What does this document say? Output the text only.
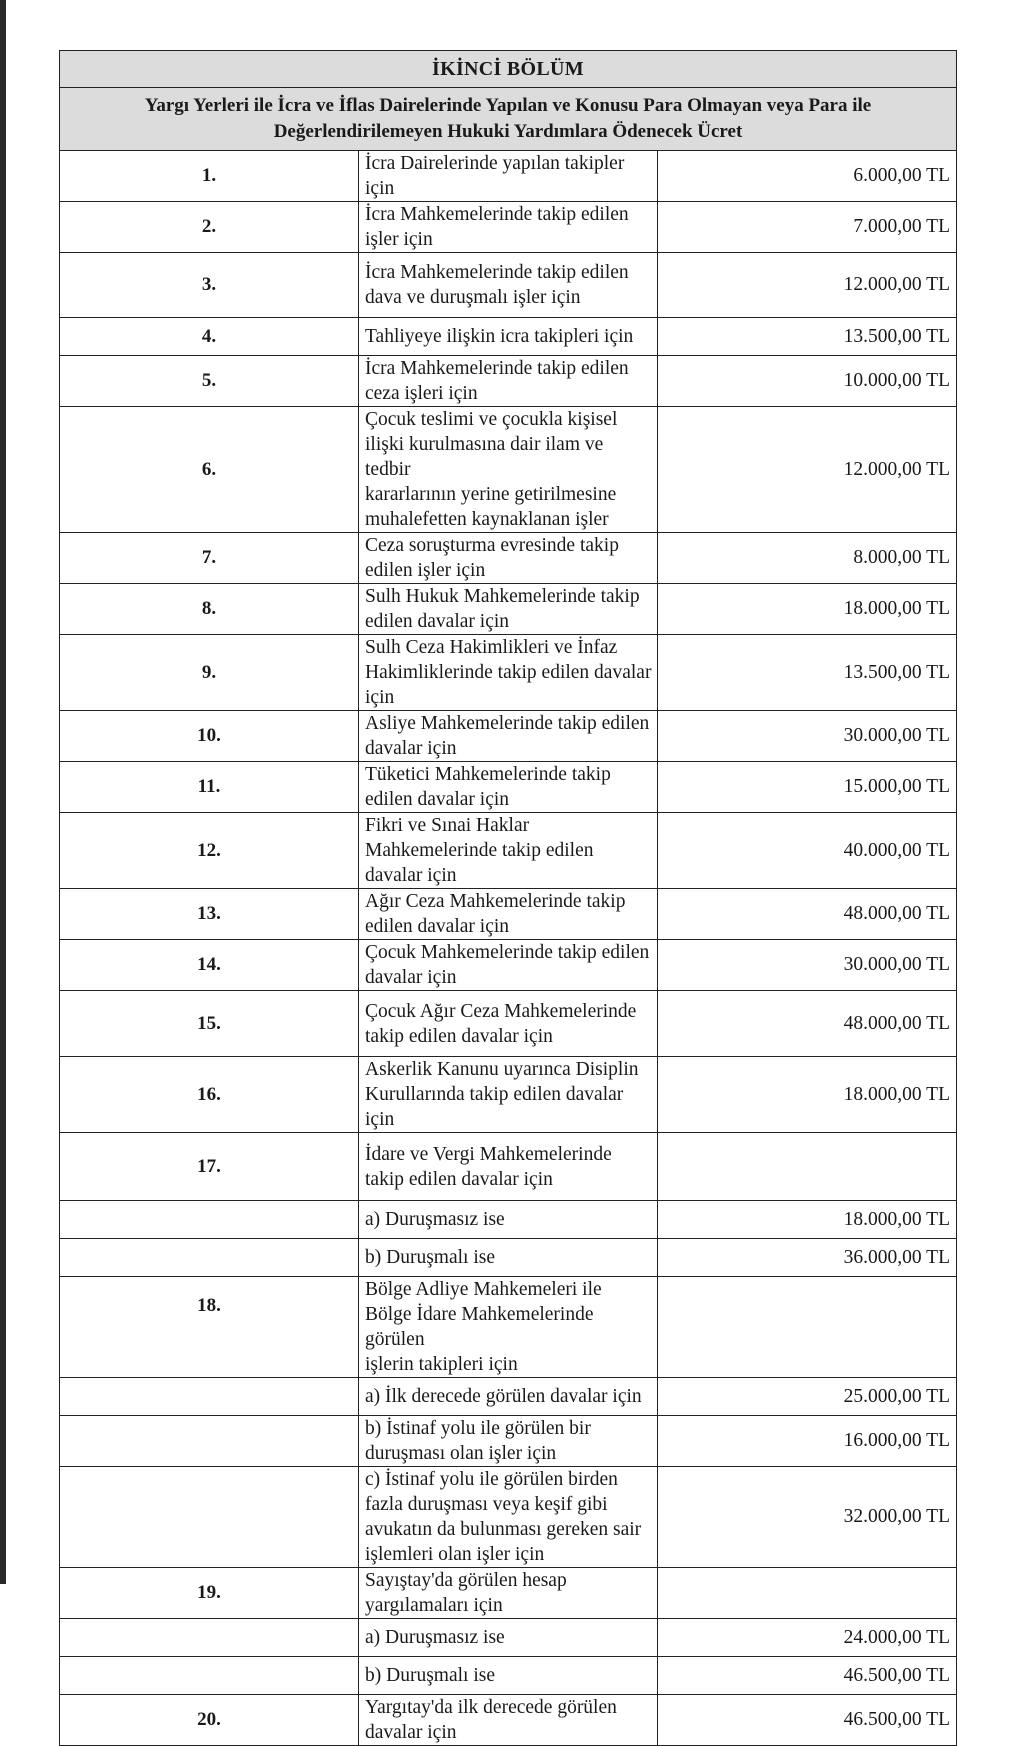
İKİNCİ BÖLÜM		
Yargı Yerleri ile İcra ve İflas Dairelerinde Yapılan ve Konusu Para Olmayan veya Para ile
Değerlendirilemeyen Hukuki Yardımlara Ödenecek Ücret		
1.	İcra Dairelerinde yapılan takipler için	6.000,00 TL
2.	İcra Mahkemelerinde takip edilen işler için	7.000,00 TL
3.	İcra Mahkemelerinde takip edilen dava ve duruşmalı işler için	12.000,00 TL
4.	Tahliyeye ilişkin icra takipleri için	13.500,00 TL
5.	İcra Mahkemelerinde takip edilen ceza işleri için	10.000,00 TL
6.	Çocuk teslimi ve çocukla kişisel ilişki kurulmasına dair ilam ve tedbir
kararlarının yerine getirilmesine muhalefetten kaynaklanan işler	12.000,00 TL
7.	Ceza soruşturma evresinde takip edilen işler için	8.000,00 TL
8.	Sulh Hukuk Mahkemelerinde takip edilen davalar için	18.000,00 TL
9.	Sulh Ceza Hakimlikleri ve İnfaz Hakimliklerinde takip edilen davalar
için	13.500,00 TL
10.	Asliye Mahkemelerinde takip edilen davalar için	30.000,00 TL
11.	Tüketici Mahkemelerinde takip edilen davalar için	15.000,00 TL
12.	Fikri ve Sınai Haklar Mahkemelerinde takip edilen davalar için	40.000,00 TL
13.	Ağır Ceza Mahkemelerinde takip edilen davalar için	48.000,00 TL
14.	Çocuk Mahkemelerinde takip edilen davalar için	30.000,00 TL
15.	Çocuk Ağır Ceza Mahkemelerinde takip edilen davalar için	48.000,00 TL
16.	Askerlik Kanunu uyarınca Disiplin Kurullarında takip edilen davalar
için	18.000,00 TL
17.	İdare ve Vergi Mahkemelerinde takip edilen davalar için	
	a) Duruşmasız ise	18.000,00 TL
	b) Duruşmalı ise	36.000,00 TL
18.	Bölge Adliye Mahkemeleri ile Bölge İdare Mahkemelerinde görülen
işlerin takipleri için	
	a) İlk derecede görülen davalar için	25.000,00 TL
	b) İstinaf yolu ile görülen bir duruşması olan işler için	16.000,00 TL
	c) İstinaf yolu ile görülen birden fazla duruşması veya keşif gibi
avukatın da bulunması gereken sair işlemleri olan işler için	32.000,00 TL
19.	Sayıştay'da görülen hesap yargılamaları için	
	a) Duruşmasız ise	24.000,00 TL
	b) Duruşmalı ise	46.500,00 TL
20.	Yargıtay'da ilk derecede görülen davalar için	46.500,00 TL
